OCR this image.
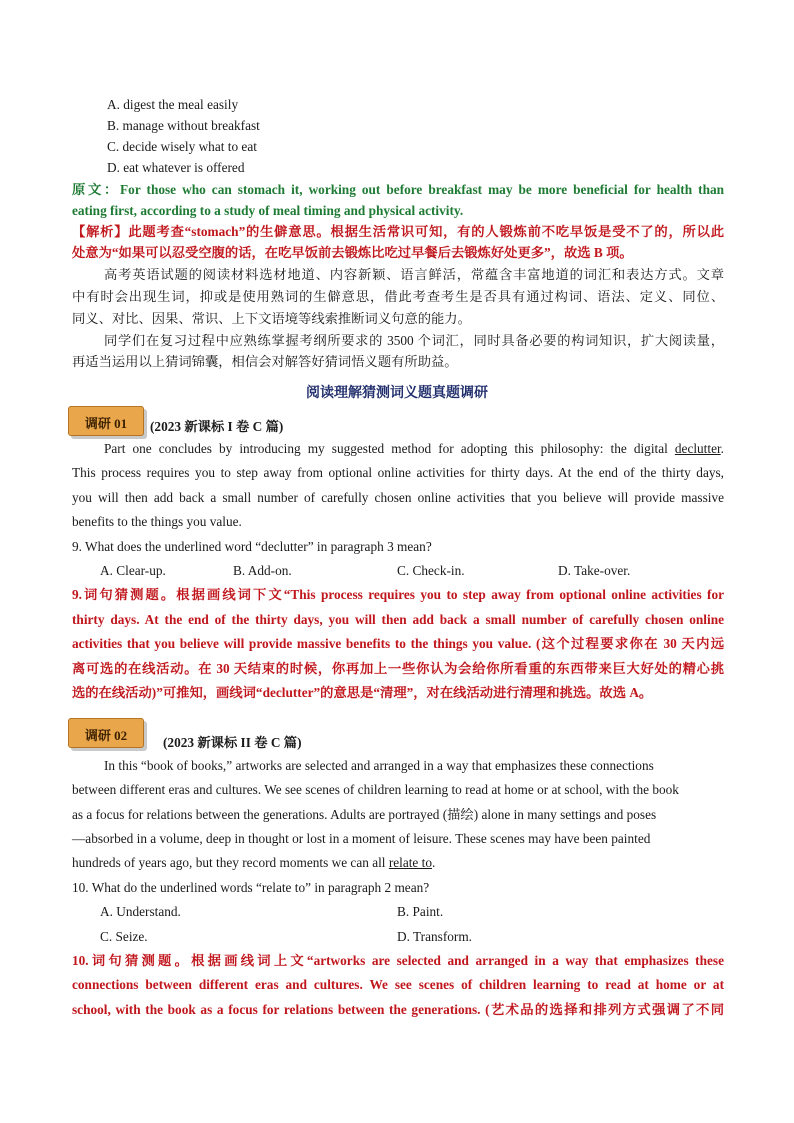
A. digest the meal easily
B. manage without breakfast
C. decide wisely what to eat
D. eat whatever is offered
原文：For those who can stomach it, working out before breakfast may be more beneficial for health than
eating first, according to a study of meal timing and physical activity.
【解析】此题考查“stomach”的生僻意思。根据生活常识可知，有的人锻炼前不吃早饭是受不了的，所以此
处意为“如果可以忍受空腹的话，在吃早饭前去锻炼比吃过早餐后去锻炼好处更多”，故选 B 项。
高考英语试题的阅读材料选材地道、内容新颖、语言鲜活，常蕴含丰富地道的词汇和表达方式。文章
中有时会出现生词，抑或是使用熟词的生僻意思，借此考查考生是否具有通过构词、语法、定义、同位、
同义、对比、因果、常识、上下文语境等线索推断词义句意的能力。
同学们在复习过程中应熟练掌握考纲所要求的 3500 个词汇，同时具备必要的构词知识，扩大阅读量，
再适当运用以上猜词锦囊，相信会对解答好猜词悟义题有所助益。
阅读理解猜测词义题真题调研
调研 01	(2023 新课标 I 卷 C 篇)
Part one concludes by introducing my suggested method for adopting this philosophy: the digital declutter.
This process requires you to step away from optional online activities for thirty days. At the end of the thirty days,
you will then add back a small number of carefully chosen online activities that you believe will provide massive
benefits to the things you value.
9. What does the underlined word “declutter” in paragraph 3 mean?
A. Clear-up.	B. Add-on.	C. Check-in.	D. Take-over.
9.词句猜测题。根据画线词下文“This process requires you to step away from optional online activities for
thirty days. At the end of the thirty days, you will then add back a small number of carefully chosen online
activities that you believe will provide massive benefits to the things you value. (这个过程要求你在 30 天内远
离可选的在线活动。在 30 天结束的时候，你再加上一些你认为会给你所看重的东西带来巨大好处的精心挑
选的在线活动)”可推知，画线词“declutter”的意思是“清理”，对在线活动进行清理和挑选。故选 A。
调研 02	(2023 新课标 II 卷 C 篇)
In this “book of books,” artworks are selected and arranged in a way that emphasizes these connections
between different eras and cultures. We see scenes of children learning to read at home or at school, with the book
as a focus for relations between the generations. Adults are portrayed (描绘) alone in many settings and poses
—absorbed in a volume, deep in thought or lost in a moment of leisure. These scenes may have been painted
hundreds of years ago, but they record moments we can all relate to.
10. What do the underlined words “relate to” in paragraph 2 mean?
A. Understand.	B. Paint.
C. Seize.	D. Transform.
10.词句猜测题。根据画线词上文“artworks are selected and arranged in a way that emphasizes these
connections between different eras and cultures. We see scenes of children learning to read at home or at
school, with the book as a focus for relations between the generations. (艺术品的选择和排列方式强调了不同
